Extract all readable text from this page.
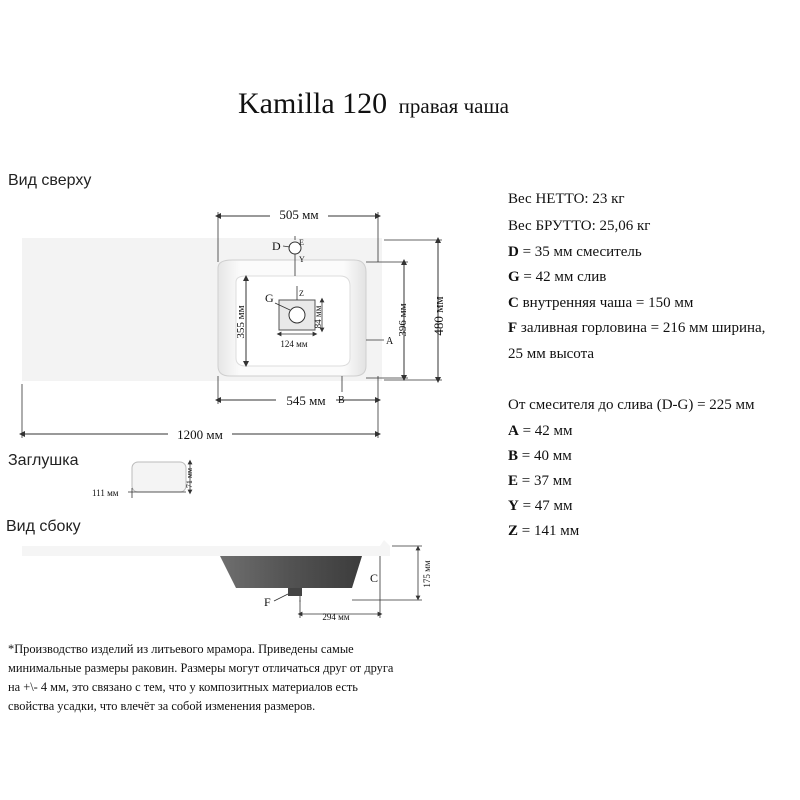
Kamilla 120 правая чаша
Вид сверху
Заглушка
Вид сбоку
505 мм
545 мм
1200 мм
480 мм
396 мм
355 мм
124 мм
84 мм
D E
Y
G	Z
A
B
111 мм
71 мм
C
F
175 мм
294 мм
Вес НЕТТО: 23 кг
Вес БРУТТО: 25,06 кг
D = 35 мм смеситель
G = 42 мм слив
C внутренняя чаша = 150 мм
F заливная горловина = 216 мм ширина,
25 мм высота
От смесителя до слива (D-G) = 225 мм
A = 42 мм
B = 40 мм
E = 37 мм
Y = 47 мм
Z = 141 мм
*Производство изделий из литьевого мрамора. Приведены самые
минимальные размеры раковин. Размеры могут отличаться друг от друга
на +\- 4 мм, это связано с тем, что у композитных материалов есть
свойства усадки, что влечёт за собой изменения размеров.
